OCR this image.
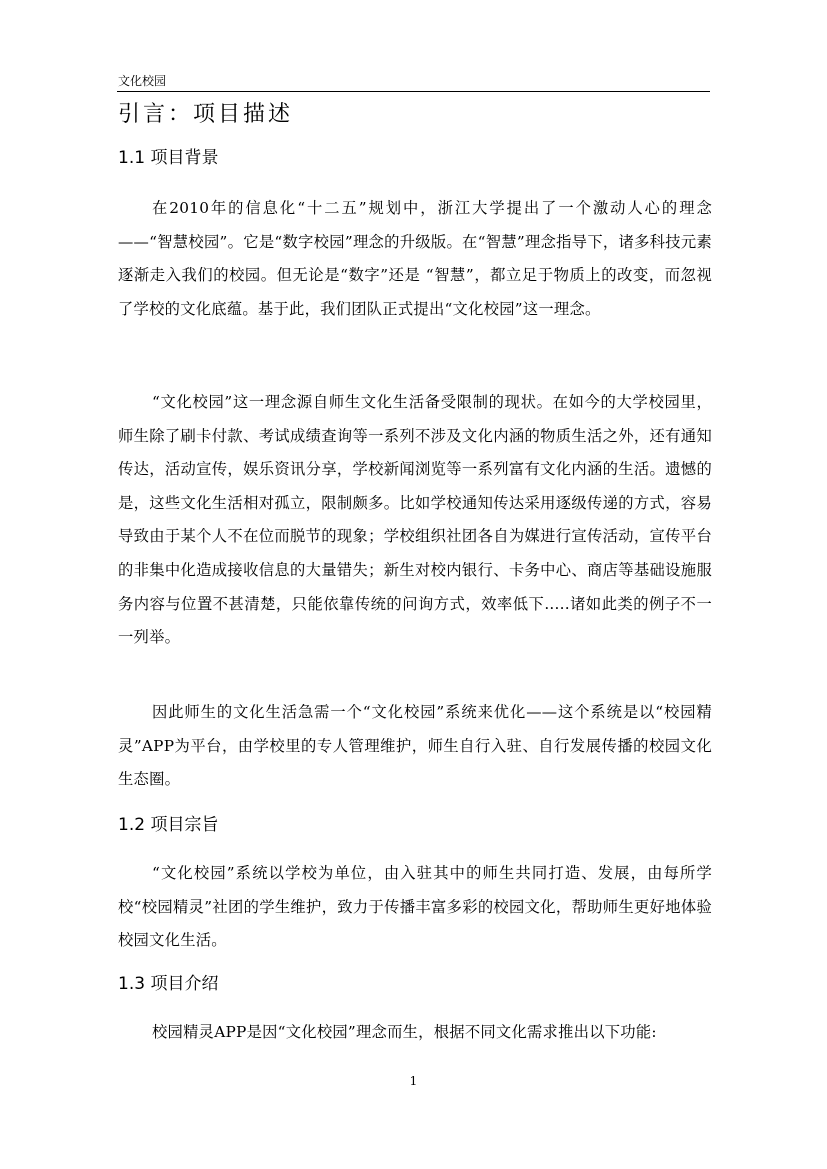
文化校园
引言：项目描述
1.1 项目背景

在2010年的信息化“十二五”规划中，浙江大学提出了一个激动人心的理念——“智慧校园”。它是“数字校园”理念的升级版。在“智慧”理念指导下，诸多科技元素逐渐走入我们的校园。但无论是“数字”还是 “智慧”，都立足于物质上的改变，而忽视了学校的文化底蕴。基于此，我们团队正式提出“文化校园”这一理念。

“文化校园”这一理念源自师生文化生活备受限制的现状。在如今的大学校园里，师生除了刷卡付款、考试成绩查询等一系列不涉及文化内涵的物质生活之外，还有通知传达，活动宣传，娱乐资讯分享，学校新闻浏览等一系列富有文化内涵的生活。遗憾的是，这些文化生活相对孤立，限制颇多。比如学校通知传达采用逐级传递的方式，容易导致由于某个人不在位而脱节的现象；学校组织社团各自为媒进行宣传活动，宣传平台的非集中化造成接收信息的大量错失；新生对校内银行、卡务中心、商店等基础设施服务内容与位置不甚清楚，只能依靠传统的问询方式，效率低下.....诸如此类的例子不一一列举。

因此师生的文化生活急需一个“文化校园”系统来优化——这个系统是以“校园精灵”APP为平台，由学校里的专人管理维护，师生自行入驻、自行发展传播的校园文化生态圈。

1.2 项目宗旨

“文化校园”系统以学校为单位，由入驻其中的师生共同打造、发展，由每所学校“校园精灵”社团的学生维护，致力于传播丰富多彩的校园文化，帮助师生更好地体验校园文化生活。

1.3 项目介绍

校园精灵APP是因“文化校园”理念而生，根据不同文化需求推出以下功能:

1
